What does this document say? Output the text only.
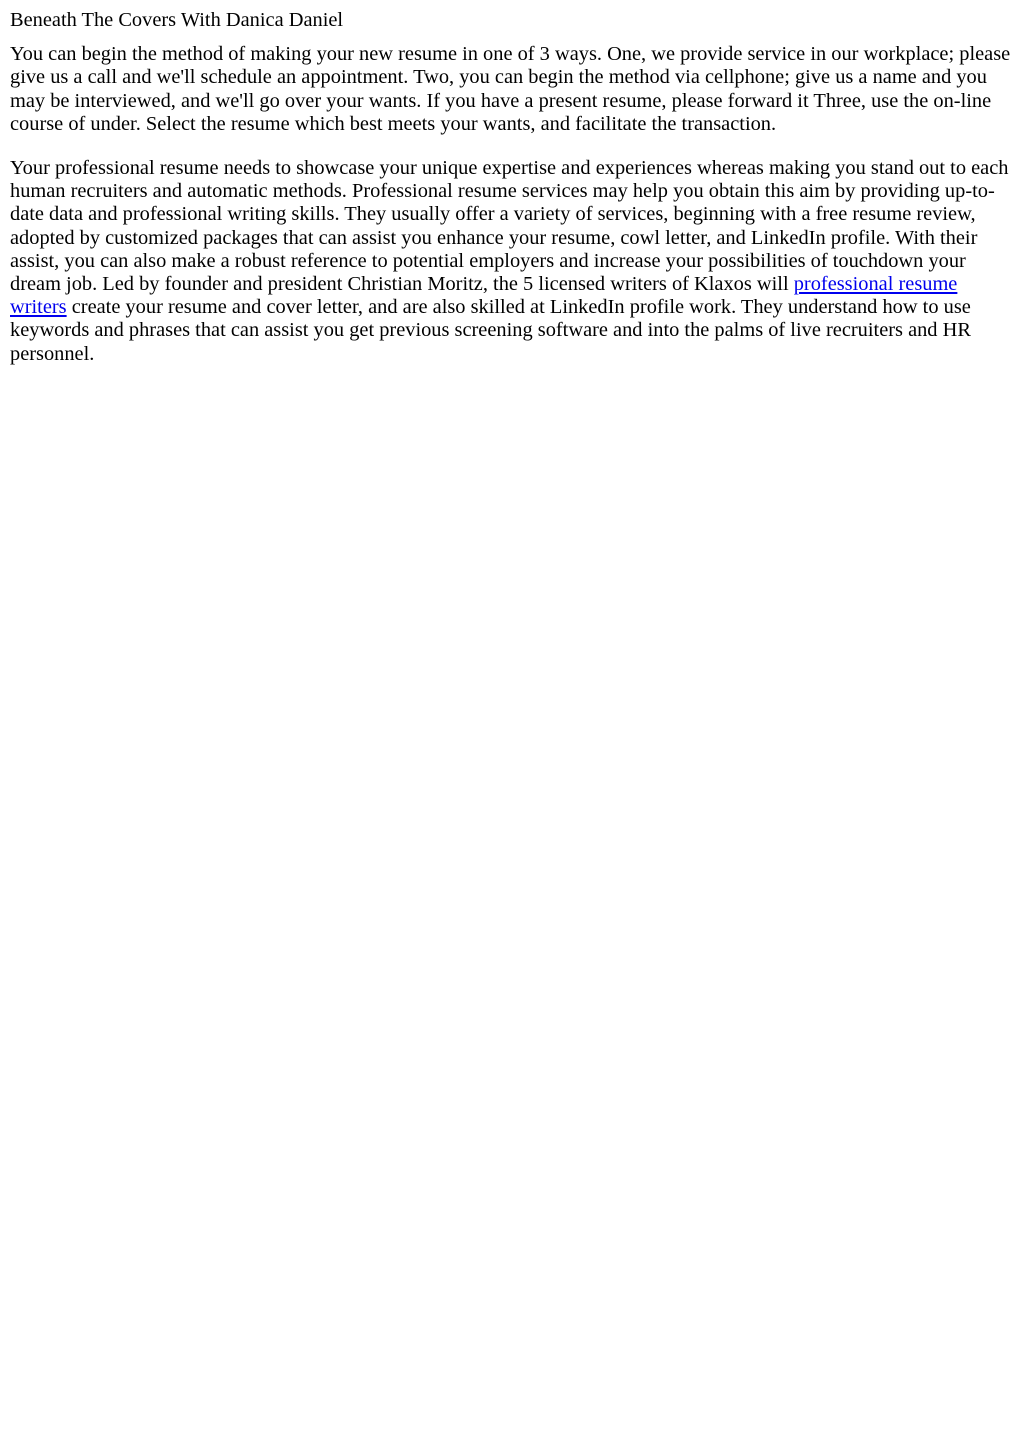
Beneath The Covers With Danica Daniel

You can begin the method of making your new resume in one of 3 ways. One, we provide service in our workplace; please give us a call and we'll schedule an appointment. Two, you can begin the method via cellphone; give us a name and you may be interviewed, and we'll go over your wants. If you have a present resume, please forward it Three, use the on-line course of under. Select the resume which best meets your wants, and facilitate the transaction.

Your professional resume needs to showcase your unique expertise and experiences whereas making you stand out to each human recruiters and automatic methods. Professional resume services may help you obtain this aim by providing up-to-date data and professional writing skills. They usually offer a variety of services, beginning with a free resume review, adopted by customized packages that can assist you enhance your resume, cowl letter, and LinkedIn profile. With their assist, you can also make a robust reference to potential employers and increase your possibilities of touchdown your dream job. Led by founder and president Christian Moritz, the 5 licensed writers of Klaxos will professional resume writers create your resume and cover letter, and are also skilled at LinkedIn profile work. They understand how to use keywords and phrases that can assist you get previous screening software and into the palms of live recruiters and HR personnel.
